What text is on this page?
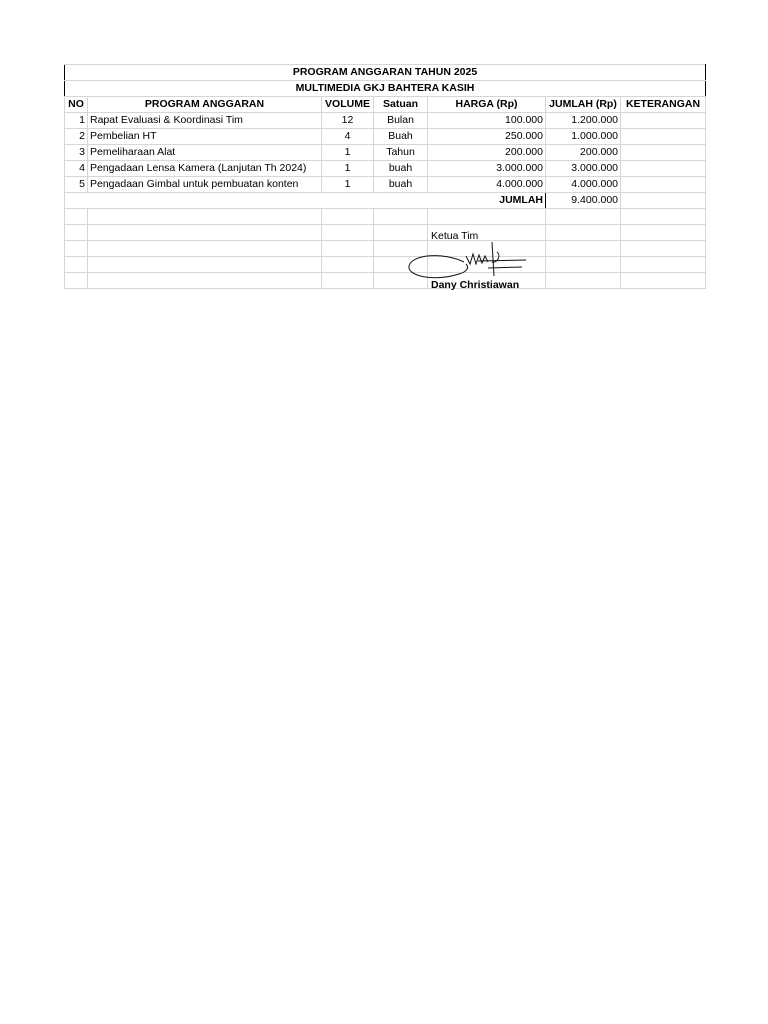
PROGRAM ANGGARAN TAHUN 2025						
MULTIMEDIA GKJ BAHTERA KASIH						
NO	PROGRAM ANGGARAN	VOLUME	Satuan	HARGA (Rp)	JUMLAH (Rp)	KETERANGAN
1	Rapat Evaluasi & Koordinasi Tim	12	Bulan	100.000	1.200.000	
2	Pembelian HT	4	Buah	250.000	1.000.000	
3	Pemeliharaan Alat	1	Tahun	200.000	200.000	
4	Pengadaan Lensa Kamera (Lanjutan Th 2024)	1	buah	3.000.000	3.000.000	
5	Pengadaan Gimbal untuk pembuatan konten	1	buah	4.000.000	4.000.000	
JUMLAH					9.400.000	

Ketua Tim
Dany Christiawan
